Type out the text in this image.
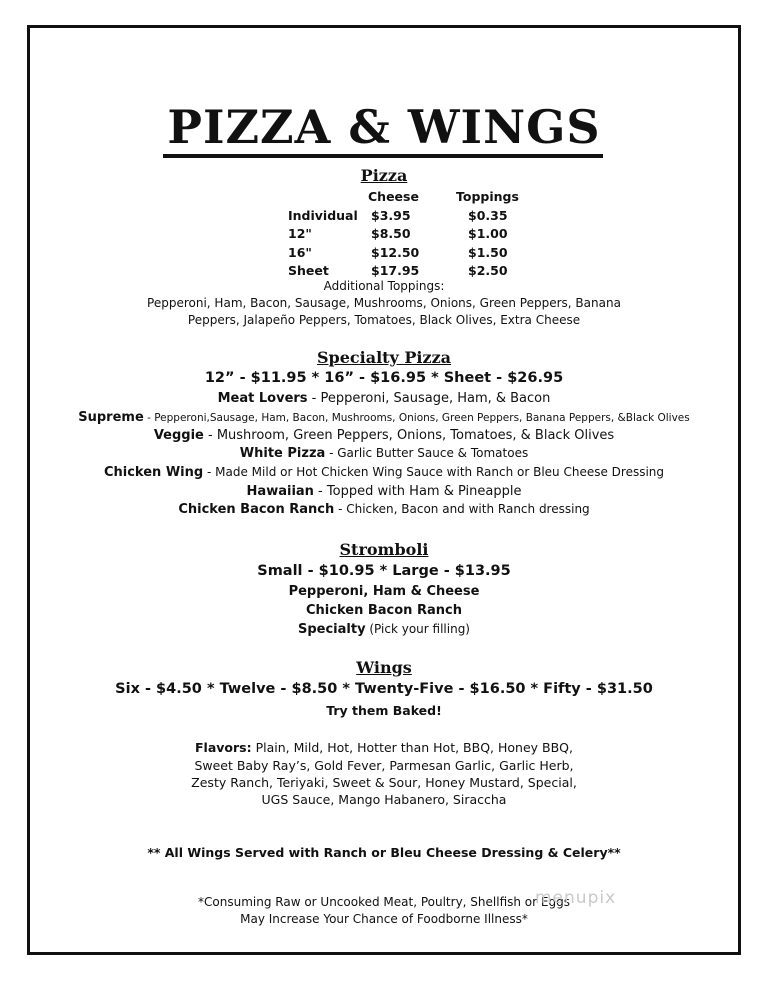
PIZZA & WINGS
Pizza
Individual
12"
16"
Sheet
Cheese
$3.95
$8.50
$12.50
$17.95
Toppings
$0.35
$1.00
$1.50
$2.50
Additional Toppings:
Pepperoni, Ham, Bacon, Sausage, Mushrooms, Onions, Green Peppers, Banana
Peppers, Jalapeño Peppers, Tomatoes, Black Olives, Extra Cheese
Specialty Pizza
12” - $11.95 * 16” - $16.95 * Sheet - $26.95
Meat Lovers - Pepperoni, Sausage, Ham, & Bacon
Supreme - Pepperoni,Sausage, Ham, Bacon, Mushrooms, Onions, Green Peppers, Banana Peppers, &Black Olives
Veggie - Mushroom, Green Peppers, Onions, Tomatoes, & Black Olives
White Pizza - Garlic Butter Sauce & Tomatoes
Chicken Wing - Made Mild or Hot Chicken Wing Sauce with Ranch or Bleu Cheese Dressing
Hawaiian - Topped with Ham & Pineapple
Chicken Bacon Ranch - Chicken, Bacon and with Ranch dressing
Stromboli
Small - $10.95 * Large - $13.95
Pepperoni, Ham & Cheese
Chicken Bacon Ranch
Specialty (Pick your filling)
Wings
Six - $4.50 * Twelve - $8.50 * Twenty-Five - $16.50 * Fifty - $31.50
Try them Baked!
Flavors: Plain, Mild, Hot, Hotter than Hot, BBQ, Honey BBQ,
Sweet Baby Ray’s, Gold Fever, Parmesan Garlic, Garlic Herb,
Zesty Ranch, Teriyaki, Sweet & Sour, Honey Mustard, Special,
UGS Sauce, Mango Habanero, Siraccha
** All Wings Served with Ranch or Bleu Cheese Dressing & Celery**
*Consuming Raw or Uncooked Meat, Poultry, Shellfish or Eggs
May Increase Your Chance of Foodborne Illness*
menupix
